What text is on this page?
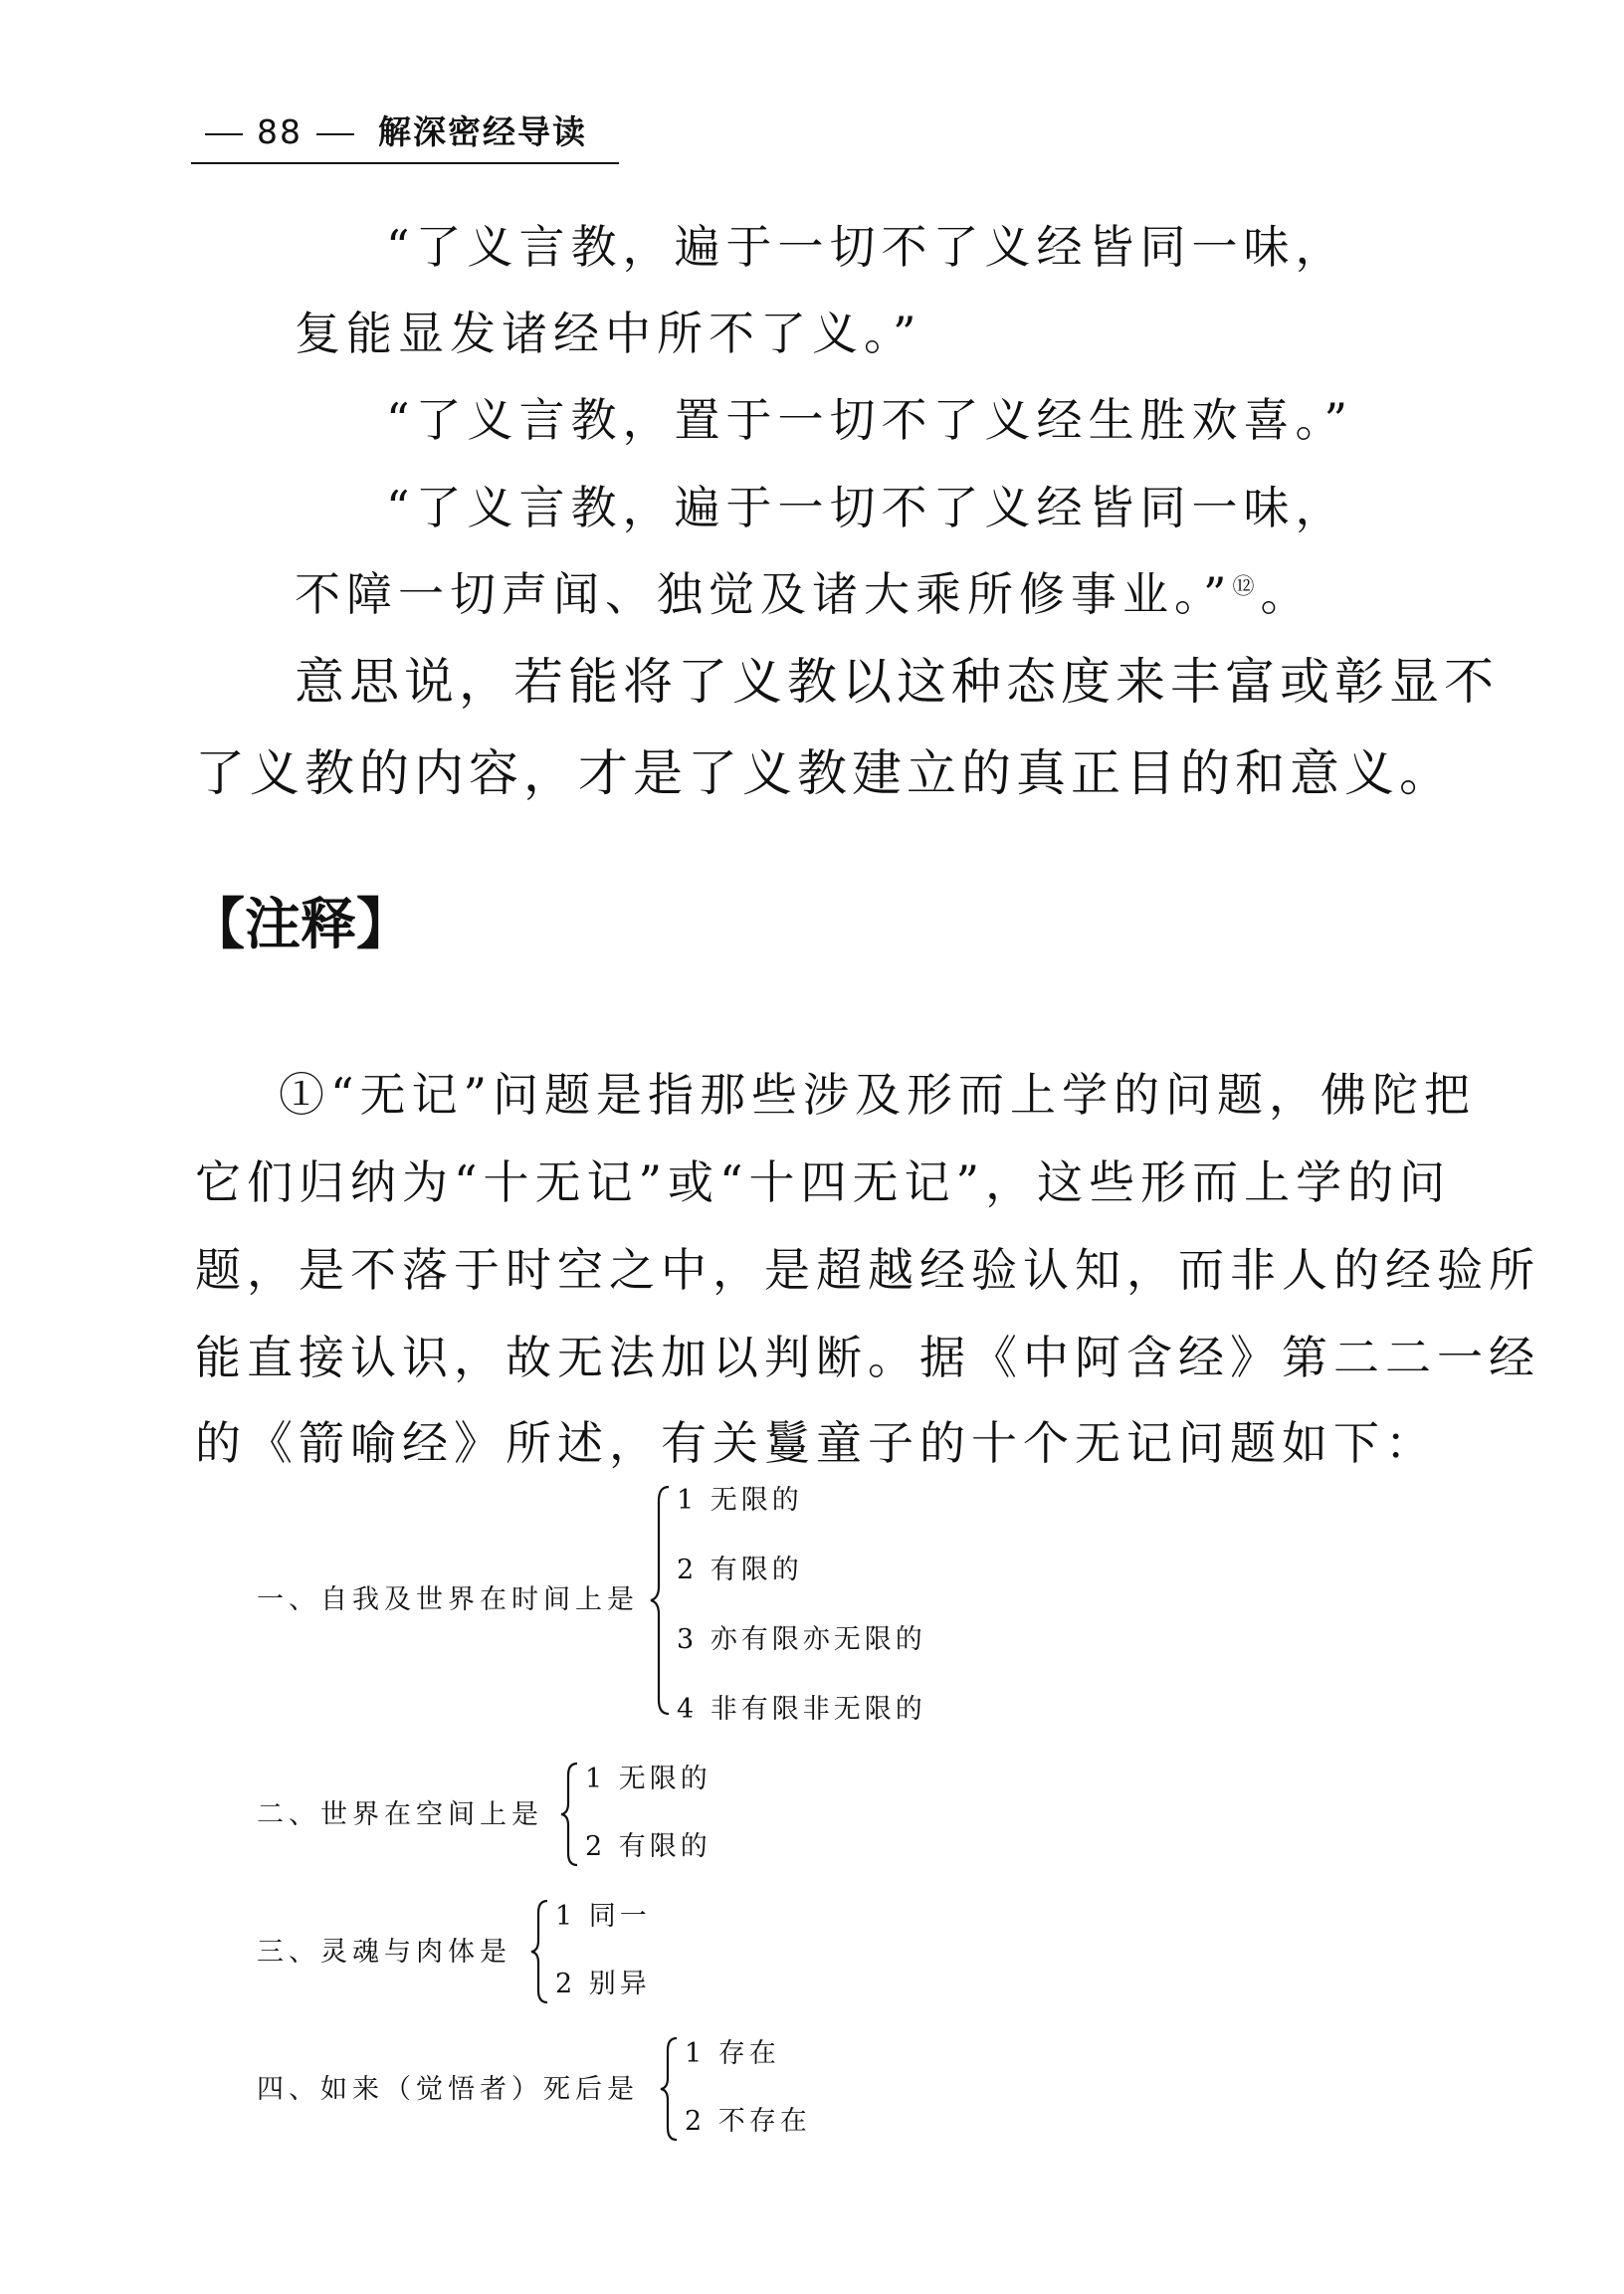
88 解深密经导读
“了义言教，遍于一切不了义经皆同一味，
复能显发诸经中所不了义。”
“了义言教，置于一切不了义经生胜欢喜。”
“了义言教，遍于一切不了义经皆同一味，
不障一切声闻、独觉及诸大乘所修事业。”⑫。
意思说，若能将了义教以这种态度来丰富或彰显不
了义教的内容，才是了义教建立的真正目的和意义。
【注释】
①“无记”问题是指那些涉及形而上学的问题，佛陀把
它们归纳为“十无记”或“十四无记”，这些形而上学的问
题，是不落于时空之中，是超越经验认知，而非人的经验所
能直接认识，故无法加以判断。据《中阿含经》第二二一经
的《箭喻经》所述，有关鬘童子的十个无记问题如下：
一、自我及世界在时间上是
1 无限的
2 有限的
3 亦有限亦无限的
4 非有限非无限的
二、世界在空间上是
1 无限的
2 有限的
三、灵魂与肉体是
1 同一
2 别异
四、如来（觉悟者）死后是
1 存在
2 不存在
